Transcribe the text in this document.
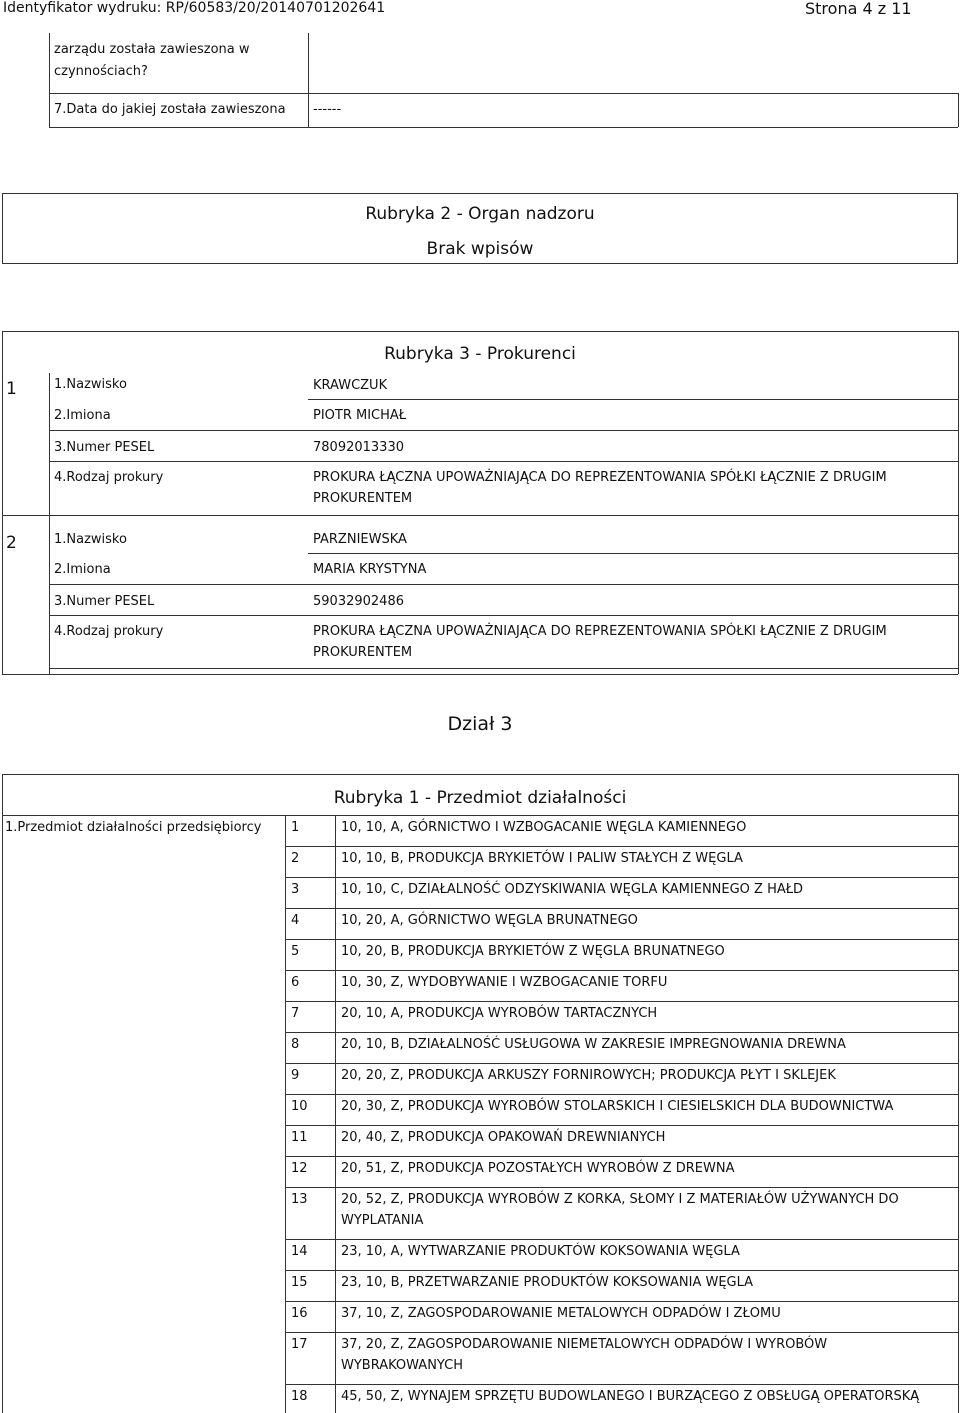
Identyfikator wydruku: RP/60583/20/20140701202641	Strona 4 z 11
zarządu została zawieszona w
czynnościach?
7.Data do jakiej została zawieszona ------
Rubryka 2 - Organ nadzoru
Brak wpisów
Rubryka 3 - Prokurenci
1	1.Nazwisko	KRAWCZUK
2.Imiona	PIOTR MICHAŁ
3.Numer PESEL	78092013330
4.Rodzaj prokury	PROKURA ŁĄCZNA UPOWAŻNIAJĄCA DO REPREZENTOWANIA SPÓŁKI ŁĄCZNIE Z DRUGIM
PROKURENTEM
2	1.Nazwisko	PARZNIEWSKA
2.Imiona	MARIA KRYSTYNA
3.Numer PESEL	59032902486
4.Rodzaj prokury	PROKURA ŁĄCZNA UPOWAŻNIAJĄCA DO REPREZENTOWANIA SPÓŁKI ŁĄCZNIE Z DRUGIM
PROKURENTEM
Dział 3
Rubryka 1 - Przedmiot działalności
1.Przedmiot działalności przedsiębiorcy 1	10, 10, A, GÓRNICTWO I WZBOGACANIE WĘGLA KAMIENNEGO
2	10, 10, B, PRODUKCJA BRYKIETÓW I PALIW STAŁYCH Z WĘGLA
3	10, 10, C, DZIAŁALNOŚĆ ODZYSKIWANIA WĘGLA KAMIENNEGO Z HAŁD
4	10, 20, A, GÓRNICTWO WĘGLA BRUNATNEGO
5	10, 20, B, PRODUKCJA BRYKIETÓW Z WĘGLA BRUNATNEGO
6	10, 30, Z, WYDOBYWANIE I WZBOGACANIE TORFU
7	20, 10, A, PRODUKCJA WYROBÓW TARTACZNYCH
8	20, 10, B, DZIAŁALNOŚĆ USŁUGOWA W ZAKRESIE IMPREGNOWANIA DREWNA
9	20, 20, Z, PRODUKCJA ARKUSZY FORNIROWYCH; PRODUKCJA PŁYT I SKLEJEK
10	20, 30, Z, PRODUKCJA WYROBÓW STOLARSKICH I CIESIELSKICH DLA BUDOWNICTWA
11	20, 40, Z, PRODUKCJA OPAKOWAŃ DREWNIANYCH
12	20, 51, Z, PRODUKCJA POZOSTAŁYCH WYROBÓW Z DREWNA
13	20, 52, Z, PRODUKCJA WYROBÓW Z KORKA, SŁOMY I Z MATERIAŁÓW UŻYWANYCH DO
WYPLATANIA
14	23, 10, A, WYTWARZANIE PRODUKTÓW KOKSOWANIA WĘGLA
15	23, 10, B, PRZETWARZANIE PRODUKTÓW KOKSOWANIA WĘGLA
16	37, 10, Z, ZAGOSPODAROWANIE METALOWYCH ODPADÓW I ZŁOMU
17	37, 20, Z, ZAGOSPODAROWANIE NIEMETALOWYCH ODPADÓW I WYROBÓW
WYBRAKOWANYCH
18	45, 50, Z, WYNAJEM SPRZĘTU BUDOWLANEGO I BURZĄCEGO Z OBSŁUGĄ OPERATORSKĄ
